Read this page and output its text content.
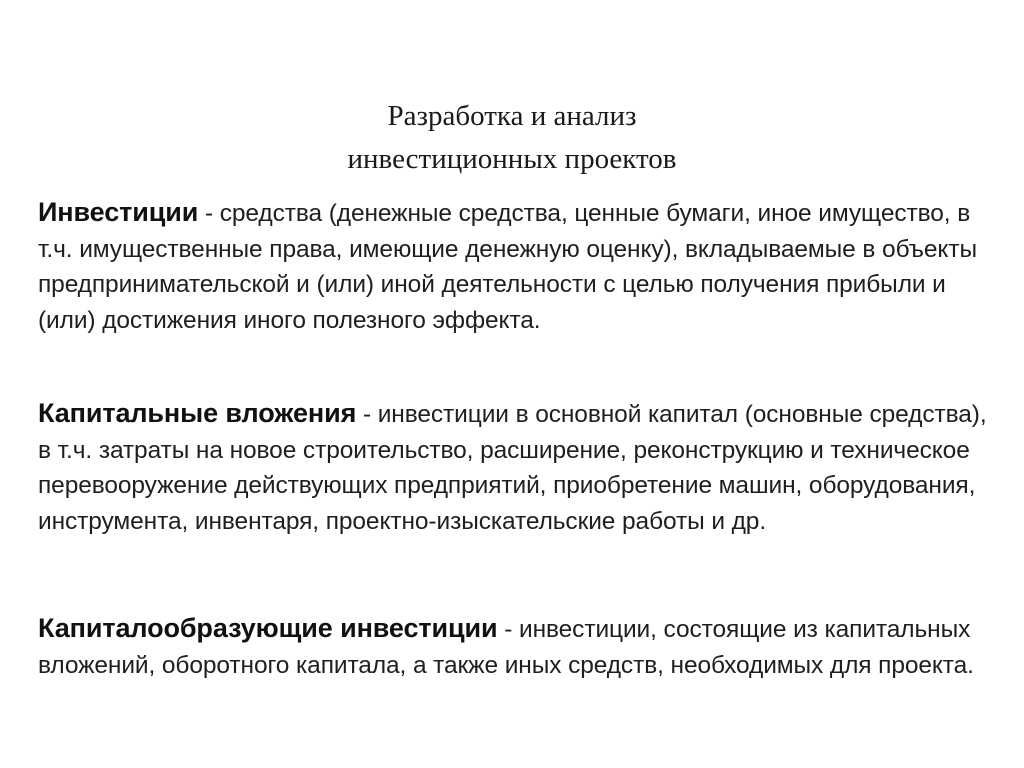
Разработка и анализ
инвестиционных проектов
Инвестиции - средства (денежные средства, ценные бумаги, иное имущество, в т.ч. имущественные права, имеющие денежную оценку), вкладываемые в объекты предпринимательской и (или) иной деятельности с целью получения прибыли и (или) достижения иного полезного эффекта.
Капитальные вложения - инвестиции в основной капитал (основные средства), в т.ч. затраты на новое строительство, расширение, реконструкцию и техническое перевооружение действующих предприятий, приобретение машин, оборудования, инструмента, инвентаря, проектно-изыскательские работы и др.
Капиталообразующие инвестиции - инвестиции, состоящие из капитальных вложений, оборотного капитала, а также иных средств, необходимых для проекта.
